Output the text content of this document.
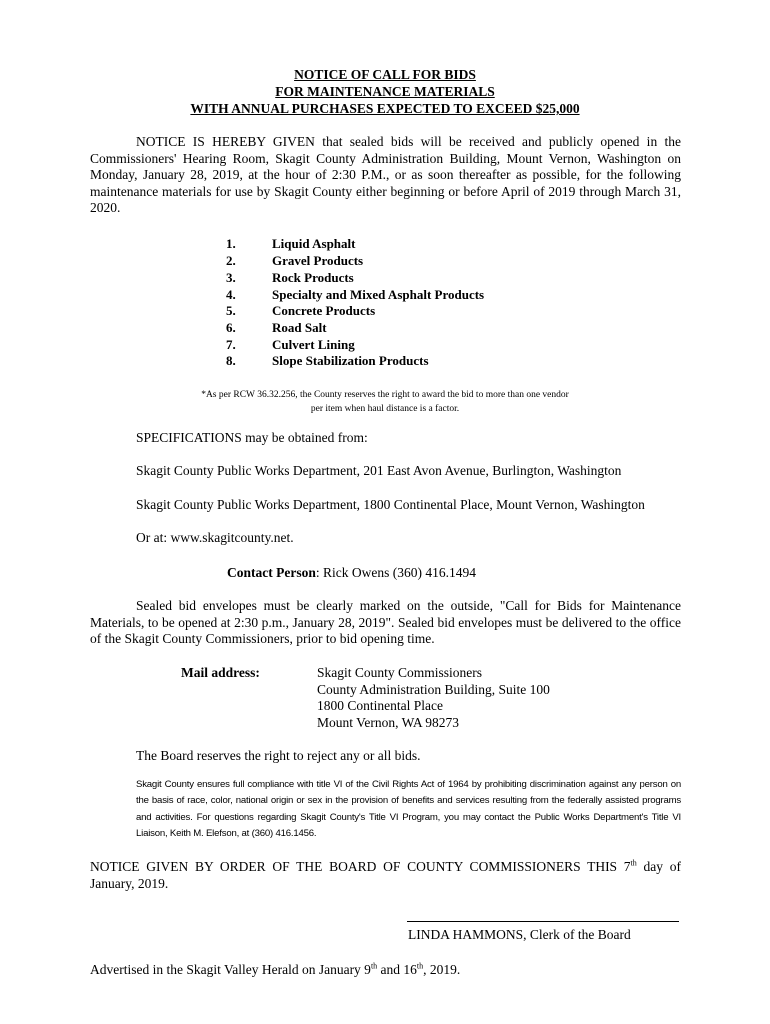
NOTICE OF CALL FOR BIDS
FOR MAINTENANCE MATERIALS
WITH ANNUAL PURCHASES EXPECTED TO EXCEED $25,000
NOTICE IS HEREBY GIVEN that sealed bids will be received and publicly opened in the Commissioners' Hearing Room, Skagit County Administration Building, Mount Vernon, Washington on Monday, January 28, 2019, at the hour of 2:30 P.M., or as soon thereafter as possible, for the following maintenance materials for use by Skagit County either beginning or before April of 2019 through March 31, 2020.
1.	Liquid Asphalt
2.	Gravel Products
3.	Rock Products
4.	Specialty and Mixed Asphalt Products
5.	Concrete Products
6.	Road Salt
7.	Culvert Lining
8.	Slope Stabilization Products
*As per RCW 36.32.256, the County reserves the right to award the bid to more than one vendor
per item when haul distance is a factor.
SPECIFICATIONS may be obtained from:
Skagit County Public Works Department, 201 East Avon Avenue, Burlington, Washington
Skagit County Public Works Department, 1800 Continental Place, Mount Vernon, Washington
Or at: www.skagitcounty.net.
Contact Person: Rick Owens (360) 416.1494
Sealed bid envelopes must be clearly marked on the outside, "Call for Bids for Maintenance Materials, to be opened at 2:30 p.m., January 28, 2019". Sealed bid envelopes must be delivered to the office of the Skagit County Commissioners, prior to bid opening time.
Mail address:	Skagit County Commissioners
County Administration Building, Suite 100
1800 Continental Place
Mount Vernon, WA 98273
The Board reserves the right to reject any or all bids.
Skagit County ensures full compliance with title VI of the Civil Rights Act of 1964 by prohibiting discrimination against any person on the basis of race, color, national origin or sex in the provision of benefits and services resulting from the federally assisted programs and activities. For questions regarding Skagit County's Title VI Program, you may contact the Public Works Department's Title VI Liaison, Keith M. Elefson, at (360) 416.1456.
NOTICE GIVEN BY ORDER OF THE BOARD OF COUNTY COMMISSIONERS THIS 7th day of January, 2019.
LINDA HAMMONS, Clerk of the Board
Advertised in the Skagit Valley Herald on January 9th and 16th, 2019.
